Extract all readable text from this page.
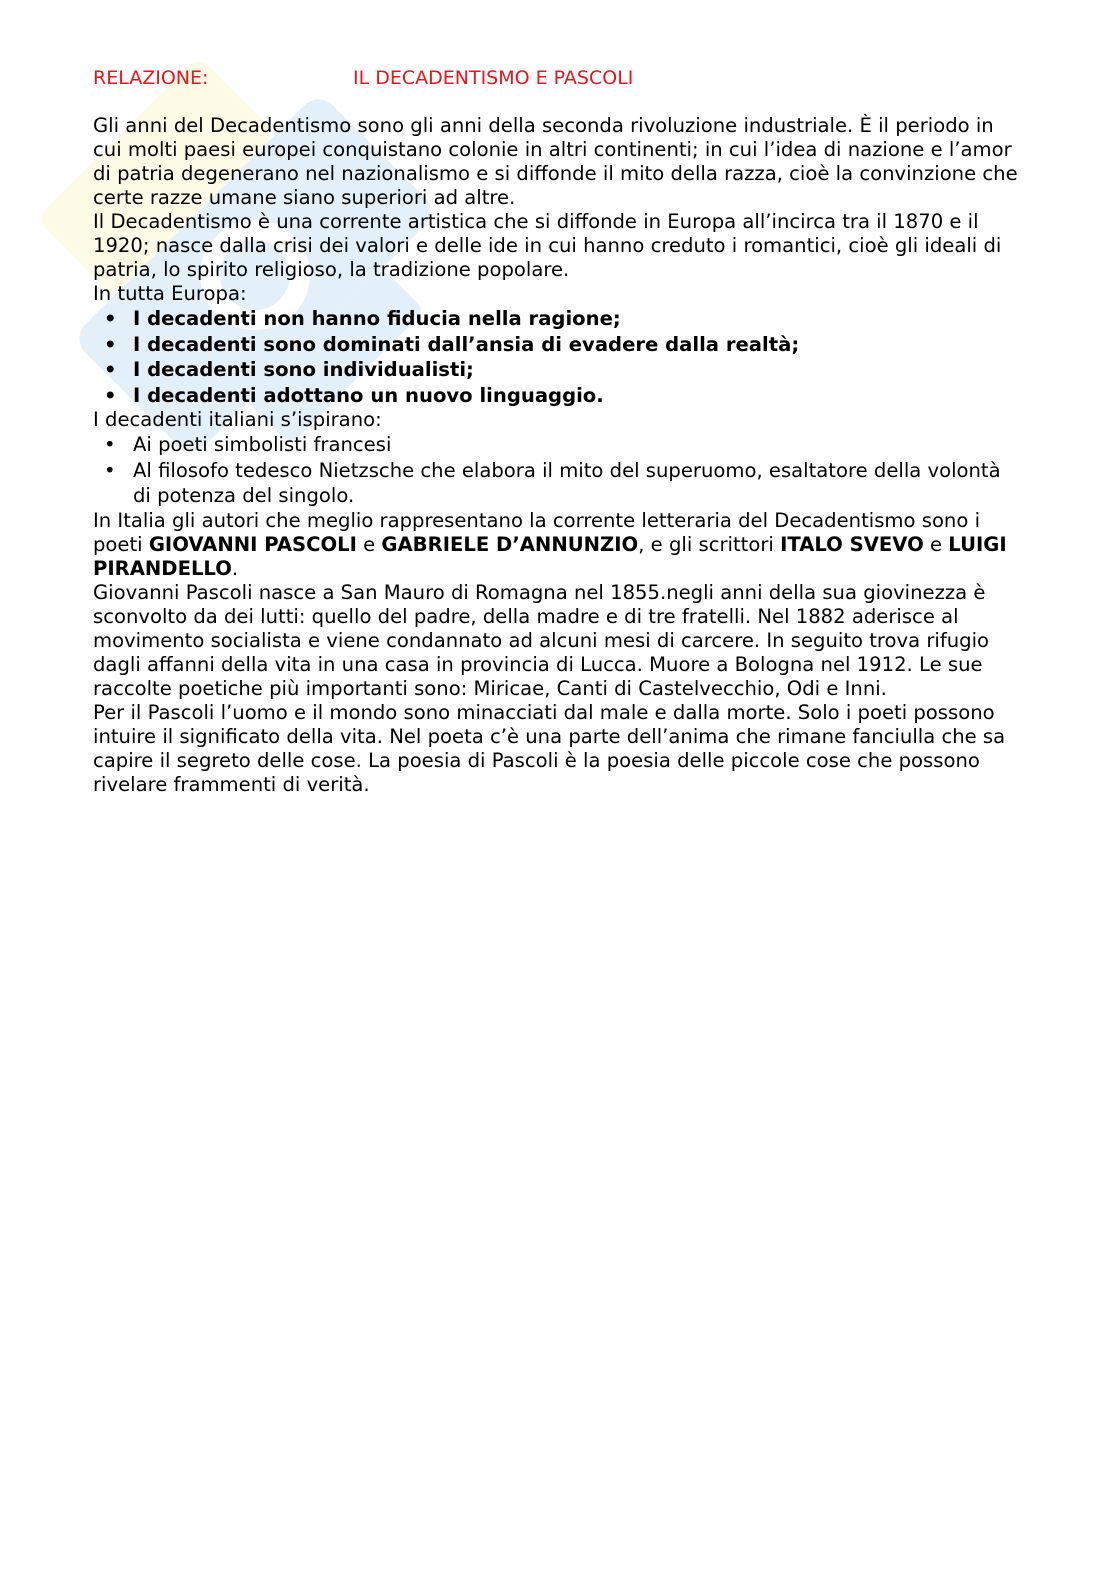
RELAZIONE:	IL DECADENTISMO E PASCOLI

Gli anni del Decadentismo sono gli anni della seconda rivoluzione industriale. È il periodo in cui molti paesi europei conquistano colonie in altri continenti; in cui l’idea di nazione e l’amor di patria degenerano nel nazionalismo e si diffonde il mito della razza, cioè la convinzione che certe razze umane siano superiori ad altre.

Il Decadentismo è una corrente artistica che si diffonde in Europa all’incirca tra il 1870 e il 1920; nasce dalla crisi dei valori e delle ide in cui hanno creduto i romantici, cioè gli ideali di patria, lo spirito religioso, la tradizione popolare.

In tutta Europa:

• I decadenti non hanno fiducia nella ragione;
• I decadenti sono dominati dall’ansia di evadere dalla realtà;
• I decadenti sono individualisti;
• I decadenti adottano un nuovo linguaggio.

I decadenti italiani s’ispirano:

• Ai poeti simbolisti francesi
• Al filosofo tedesco Nietzsche che elabora il mito del superuomo, esaltatore della volontà di potenza del singolo.

In Italia gli autori che meglio rappresentano la corrente letteraria del Decadentismo sono i poeti GIOVANNI PASCOLI e GABRIELE D’ANNUNZIO, e gli scrittori ITALO SVEVO e LUIGI PIRANDELLO.

Giovanni Pascoli nasce a San Mauro di Romagna nel 1855.negli anni della sua giovinezza è sconvolto da dei lutti: quello del padre, della madre e di tre fratelli. Nel 1882 aderisce al movimento socialista e viene condannato ad alcuni mesi di carcere. In seguito trova rifugio dagli affanni della vita in una casa in provincia di Lucca. Muore a Bologna nel 1912. Le sue raccolte poetiche più importanti sono: Miricae, Canti di Castelvecchio, Odi e Inni.

Per il Pascoli l’uomo e il mondo sono minacciati dal male e dalla morte. Solo i poeti possono intuire il significato della vita. Nel poeta c’è una parte dell’anima che rimane fanciulla che sa capire il segreto delle cose. La poesia di Pascoli è la poesia delle piccole cose che possono rivelare frammenti di verità.
